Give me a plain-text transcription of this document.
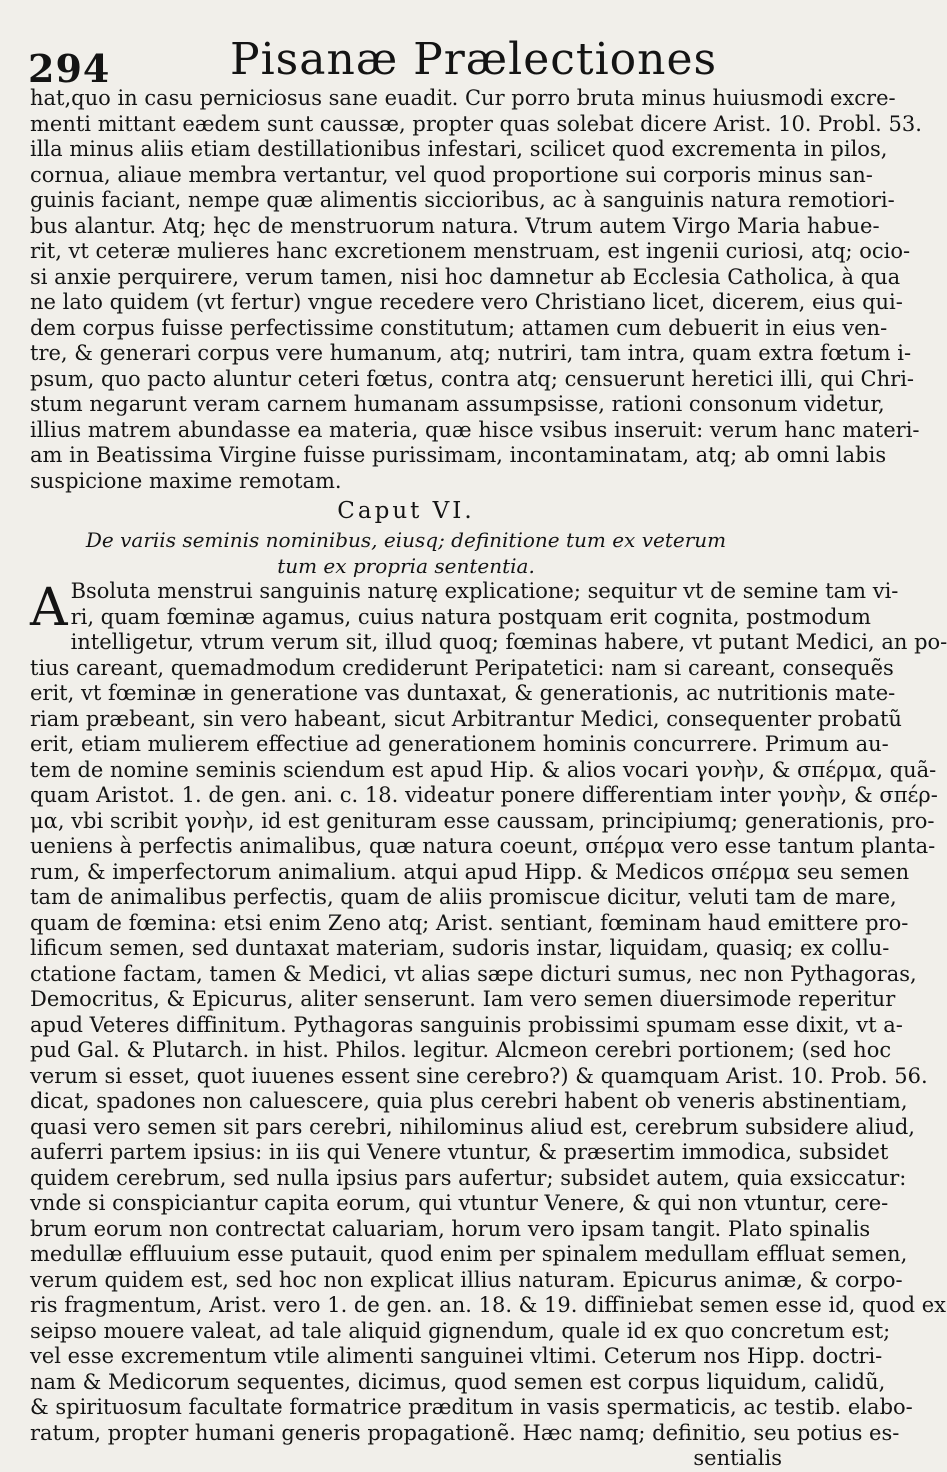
294	Pisanæ Prælectiones
hat,quo in casu perniciosus sane euadit. Cur porro bruta minus huiusmodi excre-
menti mittant eædem sunt caussæ, propter quas solebat dicere Arist. 10. Probl. 53.
illa minus aliis etiam destillationibus infestari, scilicet quod excrementa in pilos,
cornua, aliaue membra vertantur, vel quod proportione sui corporis minus san-
guinis faciant, nempe quæ alimentis siccioribus, ac à sanguinis natura remotiori-
bus alantur. Atq; hęc de menstruorum natura. Vtrum autem Virgo Maria habue-
rit, vt ceteræ mulieres hanc excretionem menstruam, est ingenii curiosi, atq; ocio-
si anxie perquirere, verum tamen, nisi hoc damnetur ab Ecclesia Catholica, à qua
ne lato quidem (vt fertur) vngue recedere vero Christiano licet, dicerem, eius qui-
dem corpus fuisse perfectissime constitutum; attamen cum debuerit in eius ven-
tre, & generari corpus vere humanum, atq; nutriri, tam intra, quam extra fœtum i-
psum, quo pacto aluntur ceteri fœtus, contra atq; censuerunt heretici illi, qui Chri-
stum negarunt veram carnem humanam assumpsisse, rationi consonum videtur,
illius matrem abundasse ea materia, quæ hisce vsibus inseruit: verum hanc materi-
am in Beatissima Virgine fuisse purissimam, incontaminatam, atq; ab omni labis
suspicione maxime remotam.
Caput VI.
De variis seminis nominibus, eiusq; definitione tum ex veterum
tum ex propria sententia.
A Bsoluta menstrui sanguinis naturę explicatione; sequitur vt de semine tam vi-
ri, quam fœminæ agamus, cuius natura postquam erit cognita, postmodum
intelligetur, vtrum verum sit, illud quoq; fœminas habere, vt putant Medici, an po-
tius careant, quemadmodum crediderunt Peripatetici: nam si careant, consequẽs
erit, vt fœminæ in generatione vas duntaxat, & generationis, ac nutritionis mate-
riam præbeant, sin vero habeant, sicut Arbitrantur Medici, consequenter probatũ
erit, etiam mulierem effectiue ad generationem hominis concurrere. Primum au-
tem de nomine seminis sciendum est apud Hip. & alios vocari γονὴν, & σπέρμα, quã-
quam Aristot. 1. de gen. ani. c. 18. videatur ponere differentiam inter γονὴν, & σπέρ-
μα, vbi scribit γονὴν, id est genituram esse caussam, principiumq; generationis, pro-
ueniens à perfectis animalibus, quæ natura coeunt, σπέρμα vero esse tantum planta-
rum, & imperfectorum animalium. atqui apud Hipp. & Medicos σπέρμα seu semen
tam de animalibus perfectis, quam de aliis promiscue dicitur, veluti tam de mare,
quam de fœmina: etsi enim Zeno atq; Arist. sentiant, fœminam haud emittere pro-
lificum semen, sed duntaxat materiam, sudoris instar, liquidam, quasiq; ex collu-
ctatione factam, tamen & Medici, vt alias sæpe dicturi sumus, nec non Pythagoras,
Democritus, & Epicurus, aliter senserunt. Iam vero semen diuersimode reperitur
apud Veteres diffinitum. Pythagoras sanguinis probissimi spumam esse dixit, vt a-
pud Gal. & Plutarch. in hist. Philos. legitur. Alcmeon cerebri portionem; (sed hoc
verum si esset, quot iuuenes essent sine cerebro?) & quamquam Arist. 10. Prob. 56.
dicat, spadones non caluescere, quia plus cerebri habent ob veneris abstinentiam,
quasi vero semen sit pars cerebri, nihilominus aliud est, cerebrum subsidere aliud,
auferri partem ipsius: in iis qui Venere vtuntur, & præsertim immodica, subsidet
quidem cerebrum, sed nulla ipsius pars aufertur; subsidet autem, quia exsiccatur:
vnde si conspiciantur capita eorum, qui vtuntur Venere, & qui non vtuntur, cere-
brum eorum non contrectat caluariam, horum vero ipsam tangit. Plato spinalis
medullæ effluuium esse putauit, quod enim per spinalem medullam effluat semen,
verum quidem est, sed hoc non explicat illius naturam. Epicurus animæ, & corpo-
ris fragmentum, Arist. vero 1. de gen. an. 18. & 19. diffiniebat semen esse id, quod ex
seipso mouere valeat, ad tale aliquid gignendum, quale id ex quo concretum est;
vel esse excrementum vtile alimenti sanguinei vltimi. Ceterum nos Hipp. doctri-
nam & Medicorum sequentes, dicimus, quod semen est corpus liquidum, calidũ,
& spirituosum facultate formatrice præditum in vasis spermaticis, ac testib. elabo-
ratum, propter humani generis propagationẽ. Hæc namq; definitio, seu potius es-
sentialis
